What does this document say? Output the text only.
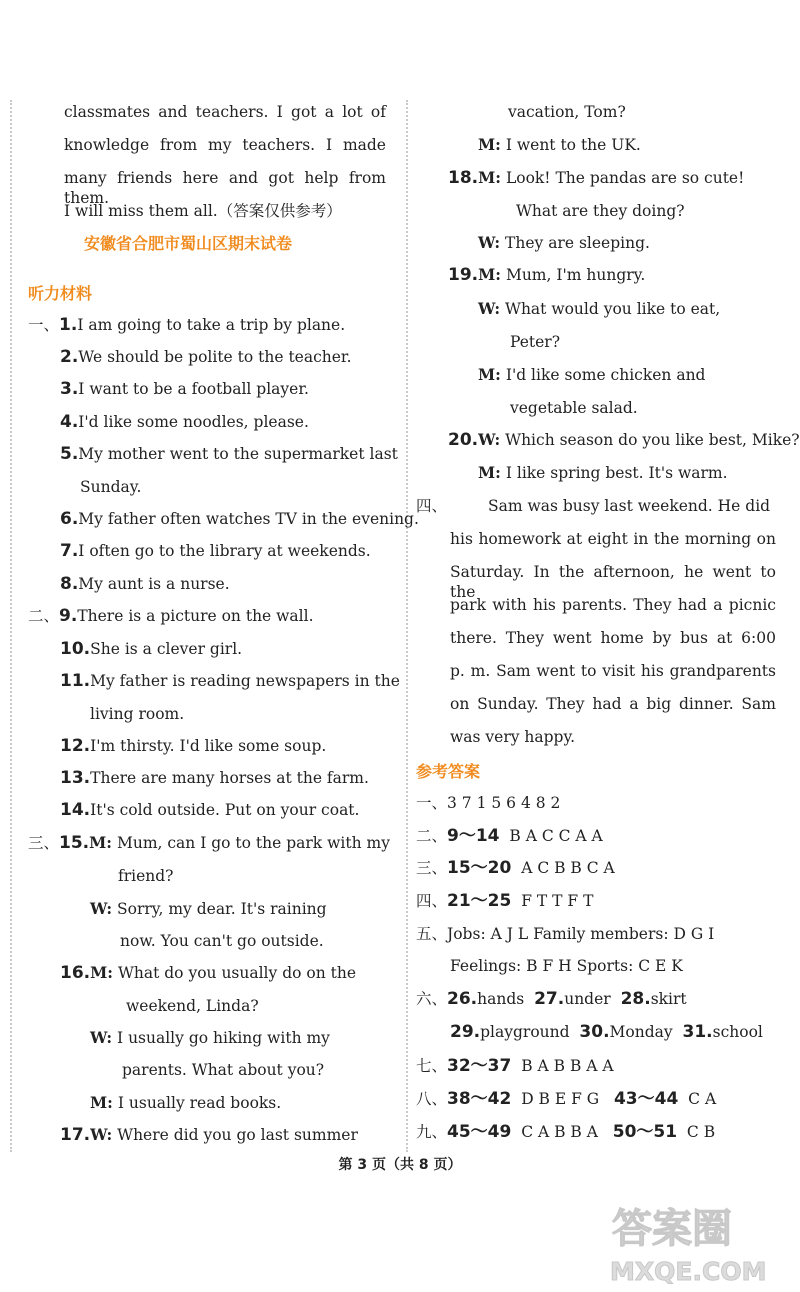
classmates and teachers. I got a lot of
knowledge from my teachers. I made
many friends here and got help from them.
I will miss them all.（答案仅供参考）
安徽省合肥市蜀山区期末试卷
听力材料
一、1.I am going to take a trip by plane.
2.We should be polite to the teacher.
3.I want to be a football player.
4.I'd like some noodles, please.
5.My mother went to the supermarket last
Sunday.
6.My father often watches TV in the evening.
7.I often go to the library at weekends.
8.My aunt is a nurse.
二、9.There is a picture on the wall.
10.She is a clever girl.
11.My father is reading newspapers in the
living room.
12.I'm thirsty. I'd like some soup.
13.There are many horses at the farm.
14.It's cold outside. Put on your coat.
三、15.M: Mum, can I go to the park with my
friend?
W: Sorry, my dear. It's raining
now. You can't go outside.
16.M: What do you usually do on the
weekend, Linda?
W: I usually go hiking with my
parents. What about you?
M: I usually read books.
17.W: Where did you go last summer
vacation, Tom?
M: I went to the UK.
18.M: Look! The pandas are so cute!
What are they doing?
W: They are sleeping.
19.M: Mum, I'm hungry.
W: What would you like to eat,
Peter?
M: I'd like some chicken and
vegetable salad.
20.W: Which season do you like best, Mike?
M: I like spring best. It's warm.
四、	Sam was busy last weekend. He did
his homework at eight in the morning on
Saturday. In the afternoon, he went to the
park with his parents. They had a picnic
there. They went home by bus at 6:00
p. m. Sam went to visit his grandparents
on Sunday. They had a big dinner. Sam
was very happy.
参考答案
一、3 7 1 5 6 4 8 2
二、9～14 B A C C A A
三、15～20 A C B B C A
四、21～25 F T T F T
五、Jobs: A J L Family members: D G I
Feelings: B F H Sports: C E K
六、26.hands 27.under 28.skirt
29.playground 30.Monday 31.school
七、32～37 B A B B A A
八、38～42 D B E F G 43～44 C A
九、45～49 C A B B A 50～51 C B
第 3 页（共 8 页）
答案圈
MXQE.COM
